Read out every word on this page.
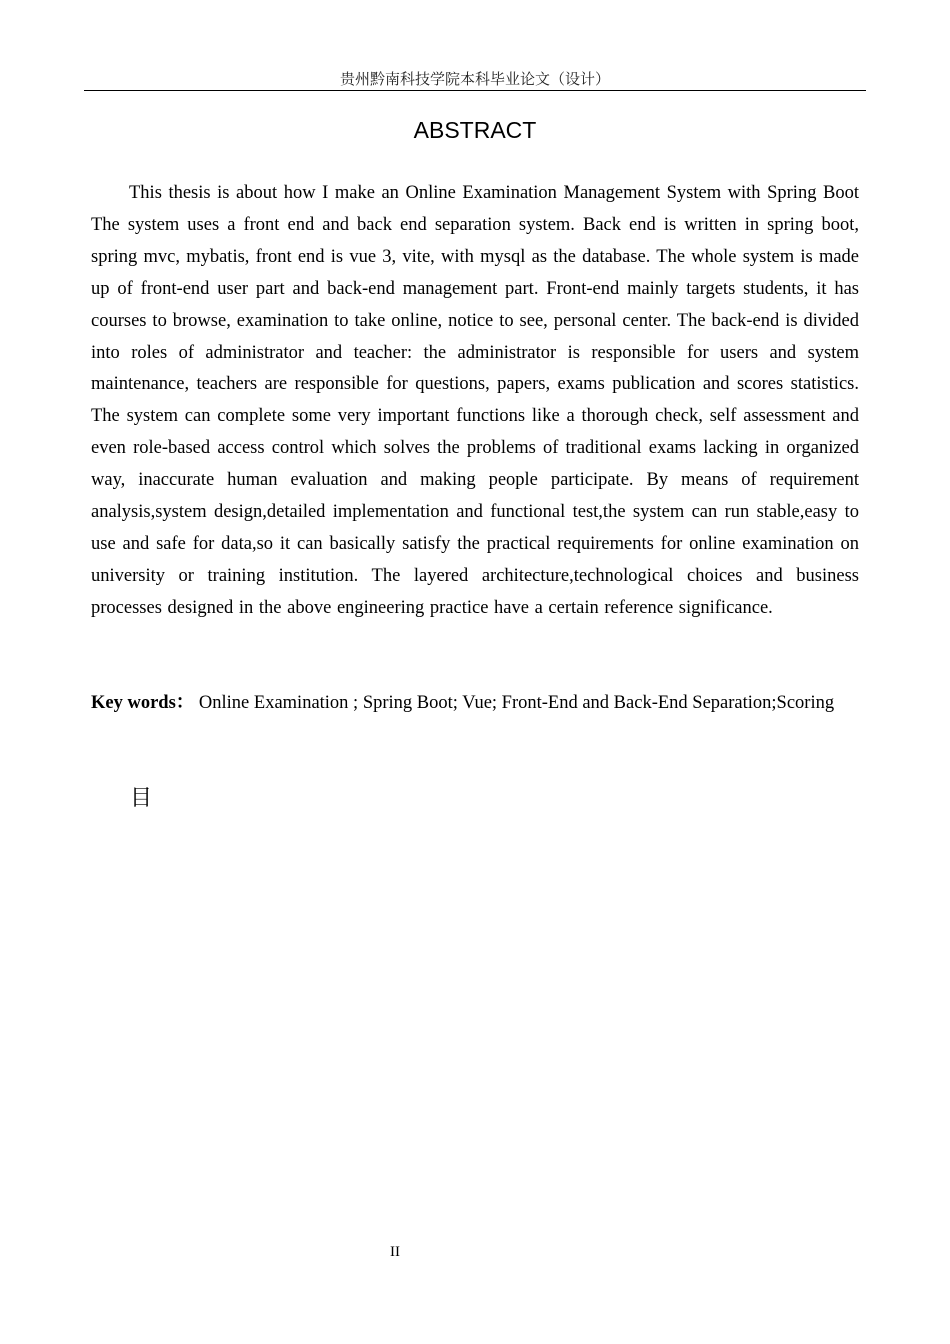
贵州黔南科技学院本科毕业论文（设计）
ABSTRACT

This thesis is about how I make an Online Examination Management System with Spring Boot The system uses a front end and back end separation system. Back end is written in spring boot, spring mvc, mybatis, front end is vue 3, vite, with mysql as the database. The whole system is made up of front-end user part and back-end management part. Front-end mainly targets students, it has courses to browse, examination to take online, notice to see, personal center. The back-end is divided into roles of administrator and teacher: the administrator is responsible for users and system maintenance, teachers are responsible for questions, papers, exams publication and scores statistics. The system can complete some very important functions like a thorough check, self assessment and even role-based access control which solves the problems of traditional exams lacking in organized way, inaccurate human evaluation and making people participate. By means of requirement analysis,system design,detailed implementation and functional test,the system can run stable,easy to use and safe for data,so it can basically satisfy the practical requirements for online examination on university or training institution. The layered architecture,technological choices and business processes designed in the above engineering practice have a certain reference significance.

Key words： Online Examination ; Spring Boot; Vue; Front-End and Back-End Separation;Scoring

目
II
